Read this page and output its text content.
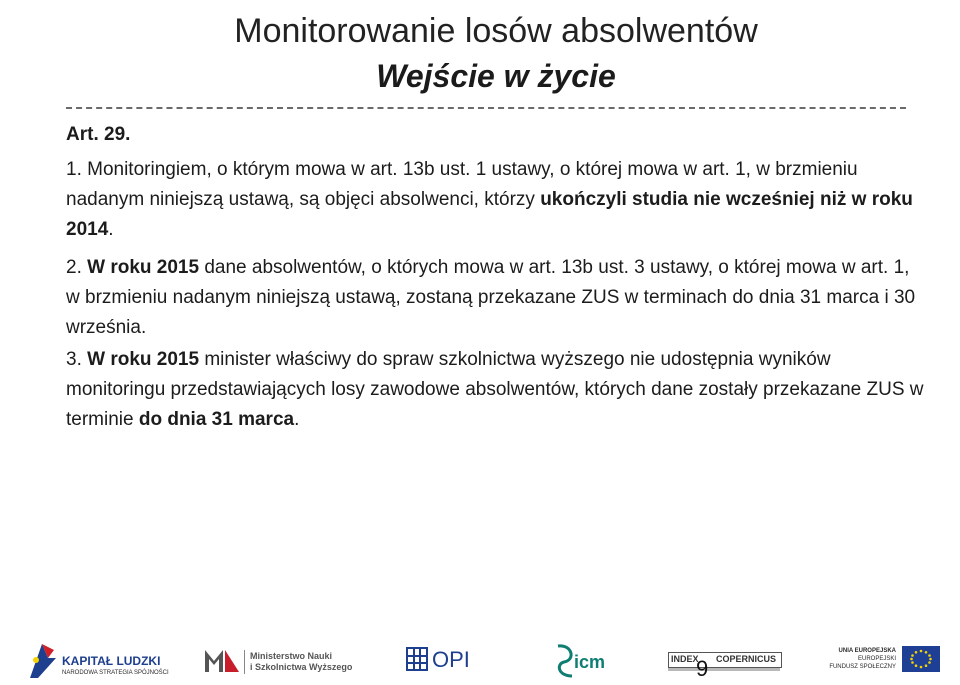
Monitorowanie losów absolwentów
Wejście w życie
Art. 29.
1. Monitoringiem, o którym mowa w art. 13b ust. 1 ustawy, o której mowa w art. 1, w brzmieniu nadanym niniejszą ustawą, są objęci absolwenci, którzy ukończyli studia nie wcześniej niż w roku 2014.
2. W roku 2015 dane absolwentów, o których mowa w art. 13b ust. 3 ustawy, o której mowa w art. 1, w brzmieniu nadanym niniejszą ustawą, zostaną przekazane ZUS w terminach do dnia 31 marca i 30 września.
3. W roku 2015 minister właściwy do spraw szkolnictwa wyższego nie udostępnia wyników monitoringu przedstawiających losy zawodowe absolwentów, których dane zostały przekazane ZUS w terminie do dnia 31 marca.
KAPITAŁ LUDZKI
NARODOWA STRATEGIA SPÓJNOŚCI
Ministerstwo Nauki
i Szkolnictwa Wyższego	OPI	icm	INDEX COPERNICUS
9
UNIA EUROPEJSKA
EUROPEJSKI
FUNDUSZ SPOŁECZNY
